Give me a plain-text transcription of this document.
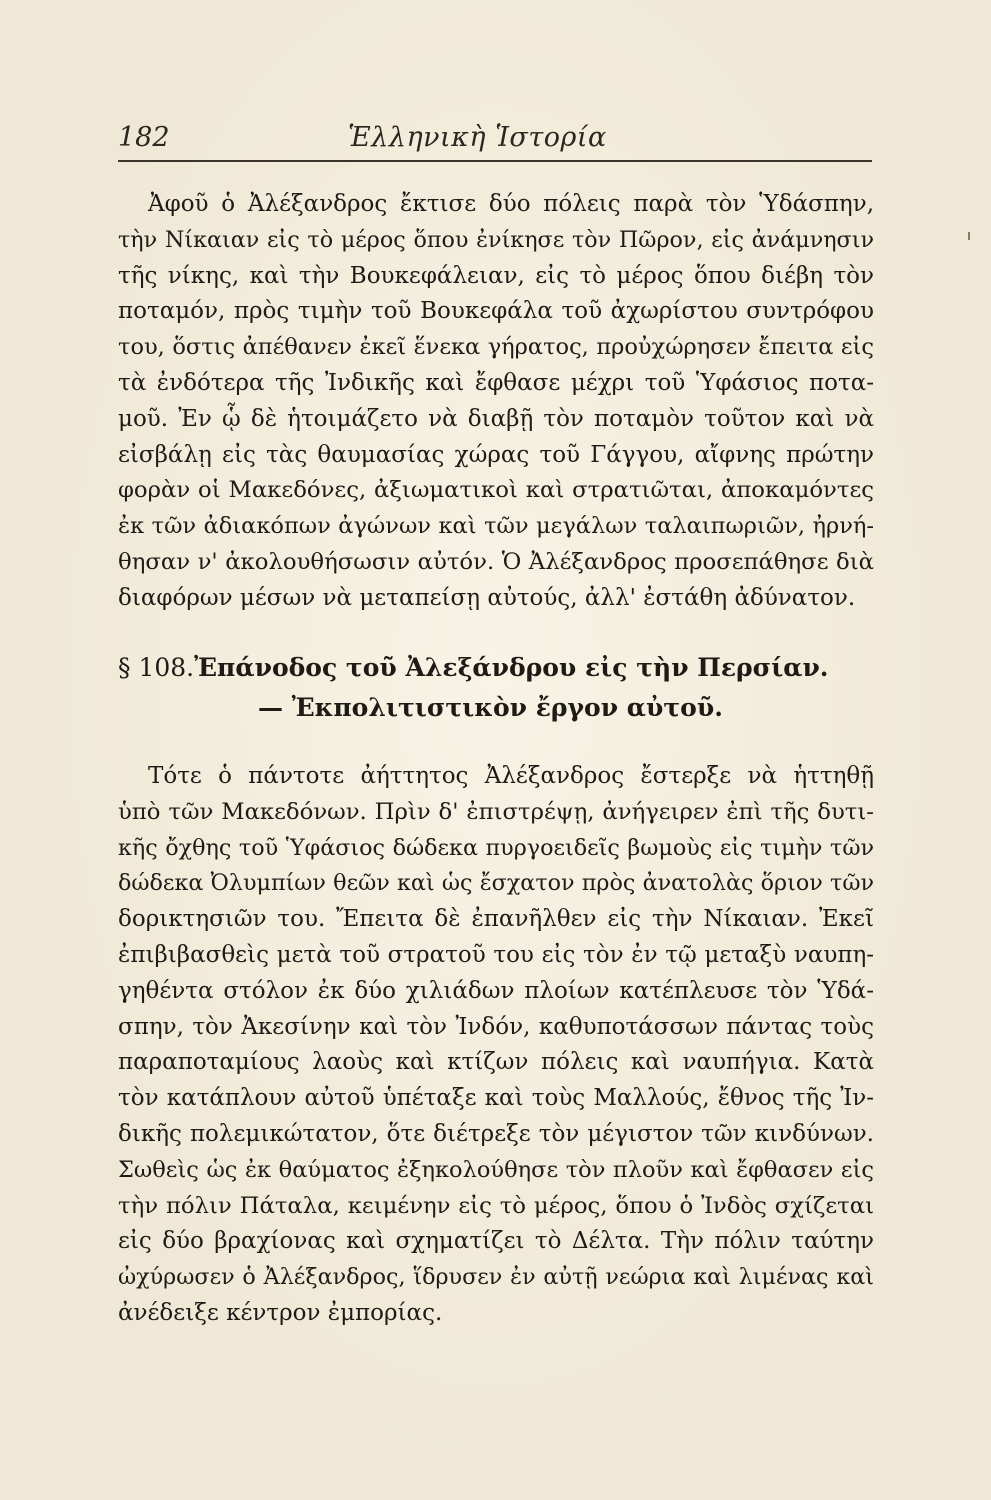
182	Ἑλληνικὴ Ἱστορία
Ἀφοῦ ὁ Ἀλέξανδρος ἔκτισε δύο πόλεις παρὰ τὸν Ὑδάσπην,
τὴν Νίκαιαν εἰς τὸ μέρος ὅπου ἐνίκησε τὸν Πῶρον, εἰς ἀνάμνησιν
τῆς νίκης, καὶ τὴν Βουκεφάλειαν, εἰς τὸ μέρος ὅπου διέβη τὸν
ποταμόν, πρὸς τιμὴν τοῦ Βουκεφάλα τοῦ ἀχωρίστου συντρόφου
του, ὅστις ἀπέθανεν ἐκεῖ ἕνεκα γήρατος, προὐχώρησεν ἔπειτα εἰς
τὰ ἐνδότερα τῆς Ἰνδικῆς καὶ ἔφθασε μέχρι τοῦ Ὑφάσιος ποτα-
μοῦ. Ἐν ᾧ δὲ ἡτοιμάζετο νὰ διαβῇ τὸν ποταμὸν τοῦτον καὶ νὰ
εἰσβάλῃ εἰς τὰς θαυμασίας χώρας τοῦ Γάγγου, αἴφνης πρώτην
φορὰν οἱ Μακεδόνες, ἀξιωματικοὶ καὶ στρατιῶται, ἀποκαμόντες
ἐκ τῶν ἀδιακόπων ἀγώνων καὶ τῶν μεγάλων ταλαιπωριῶν, ἠρνή-
θησαν ν' ἀκολουθήσωσιν αὐτόν. Ὁ Ἀλέξανδρος προσεπάθησε διὰ
διαφόρων μέσων νὰ μεταπείσῃ αὐτούς, ἀλλ' ἐστάθη ἀδύνατον.
§ 108.Ἐπάνοδος τοῦ Ἀλεξάνδρου εἰς τὴν Περσίαν.
— Ἐκπολιτιστικὸν ἔργον αὐτοῦ.
Τότε ὁ πάντοτε ἀήττητος Ἀλέξανδρος ἔστερξε νὰ ἡττηθῇ
ὑπὸ τῶν Μακεδόνων. Πρὶν δ' ἐπιστρέψῃ, ἀνήγειρεν ἐπὶ τῆς δυτι-
κῆς ὄχθης τοῦ Ὑφάσιος δώδεκα πυργοειδεῖς βωμοὺς εἰς τιμὴν τῶν
δώδεκα Ὀλυμπίων θεῶν καὶ ὡς ἔσχατον πρὸς ἀνατολὰς ὅριον τῶν
δορικτησιῶν του. Ἔπειτα δὲ ἐπανῆλθεν εἰς τὴν Νίκαιαν. Ἐκεῖ
ἐπιβιβασθεὶς μετὰ τοῦ στρατοῦ του εἰς τὸν ἐν τῷ μεταξὺ ναυπη-
γηθέντα στόλον ἐκ δύο χιλιάδων πλοίων κατέπλευσε τὸν Ὑδά-
σπην, τὸν Ἀκεσίνην καὶ τὸν Ἰνδόν, καθυποτάσσων πάντας τοὺς
παραποταμίους λαοὺς καὶ κτίζων πόλεις καὶ ναυπήγια. Κατὰ
τὸν κατάπλουν αὐτοῦ ὑπέταξε καὶ τοὺς Μαλλούς, ἔθνος τῆς Ἰν-
δικῆς πολεμικώτατον, ὅτε διέτρεξε τὸν μέγιστον τῶν κινδύνων.
Σωθεὶς ὡς ἐκ θαύματος ἐξηκολούθησε τὸν πλοῦν καὶ ἔφθασεν εἰς
τὴν πόλιν Πάταλα, κειμένην εἰς τὸ μέρος, ὅπου ὁ Ἰνδὸς σχίζεται
εἰς δύο βραχίονας καὶ σχηματίζει τὸ Δέλτα. Τὴν πόλιν ταύτην
ὠχύρωσεν ὁ Ἀλέξανδρος, ἵδρυσεν ἐν αὐτῇ νεώρια καὶ λιμένας καὶ
ἀνέδειξε κέντρον ἐμπορίας.
